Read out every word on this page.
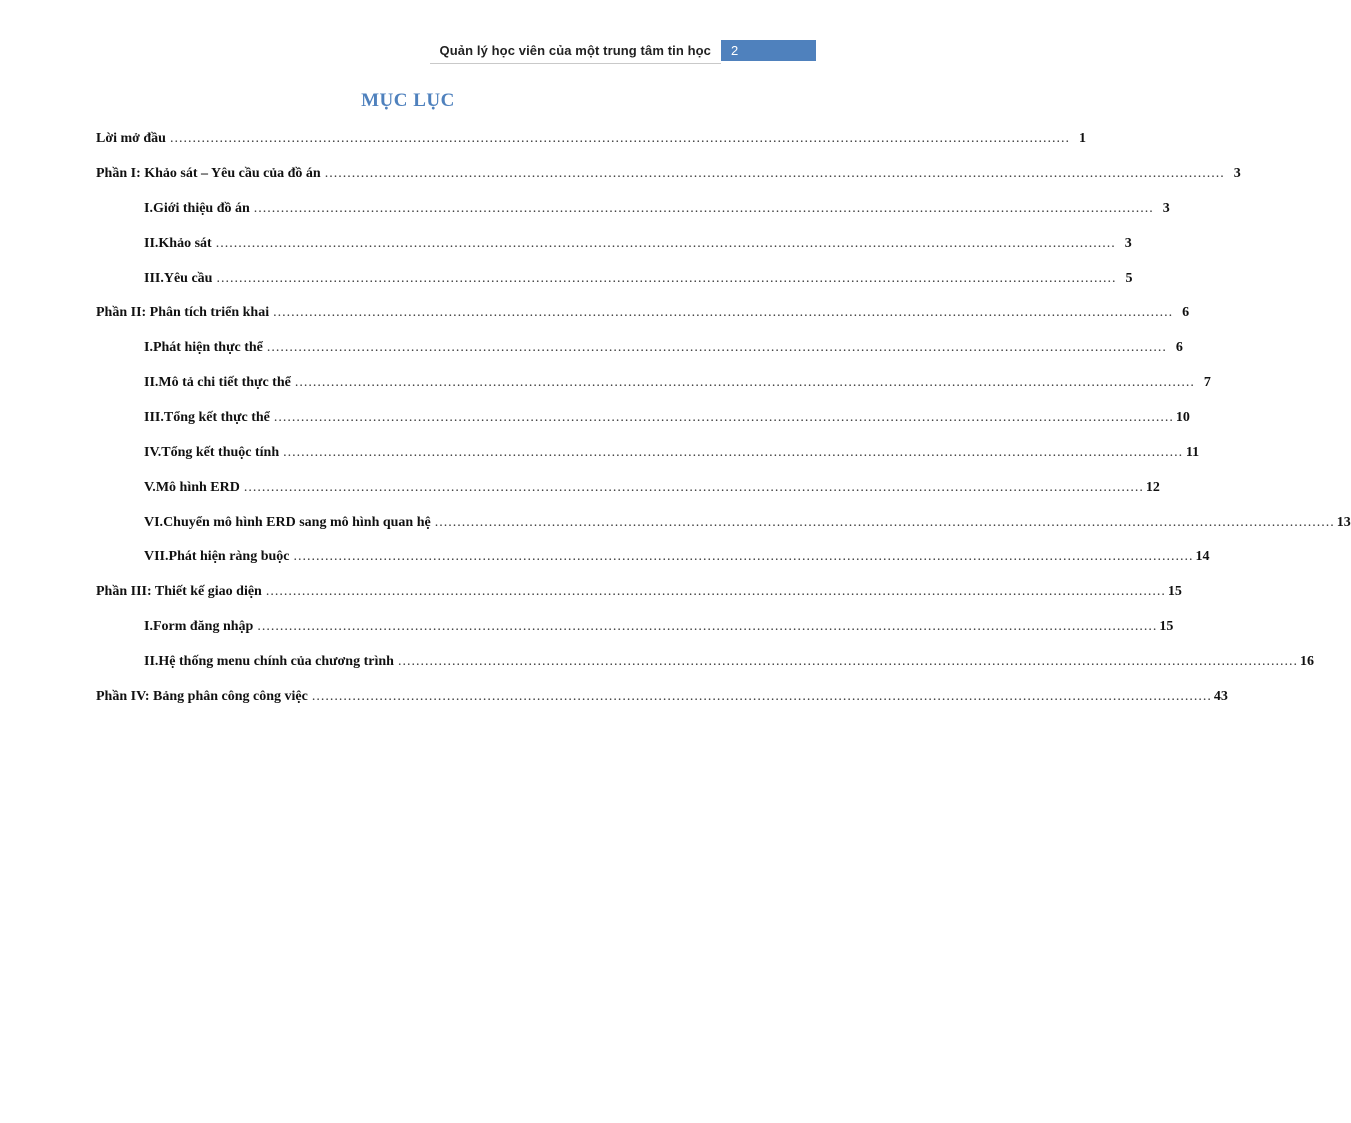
Quản lý học viên của một trung tâm tin học	2
MỤC LỤC
Lời mở đầu ........................................................................................................................................................................................................ 1
Phần I: Khảo sát – Yêu cầu của đồ án ........................................................................................................................................................................................................ 3
I. Giới thiệu đồ án ........................................................................................................................................................................................................ 3
II. Khảo sát ........................................................................................................................................................................................................ 3
III. Yêu cầu ........................................................................................................................................................................................................ 5
Phần II: Phân tích triển khai ........................................................................................................................................................................................................ 6
I. Phát hiện thực thể ........................................................................................................................................................................................................ 6
II. Mô tả chi tiết thực thể ........................................................................................................................................................................................................ 7
III. Tổng kết thực thể ........................................................................................................................................................................................................ 10
IV. Tổng kết thuộc tính ........................................................................................................................................................................................................ 11
V. Mô hình ERD ........................................................................................................................................................................................................ 12
VI. Chuyển mô hình ERD sang mô hình quan hệ ........................................................................................................................................................................................................ 13
VII. Phát hiện ràng buộc ........................................................................................................................................................................................................ 14
Phần III: Thiết kế giao diện ........................................................................................................................................................................................................ 15
I. Form đăng nhập ........................................................................................................................................................................................................ 15
II. Hệ thống menu chính của chương trình ........................................................................................................................................................................................................ 16
Phần IV: Bảng phân công công việc ........................................................................................................................................................................................................ 43
